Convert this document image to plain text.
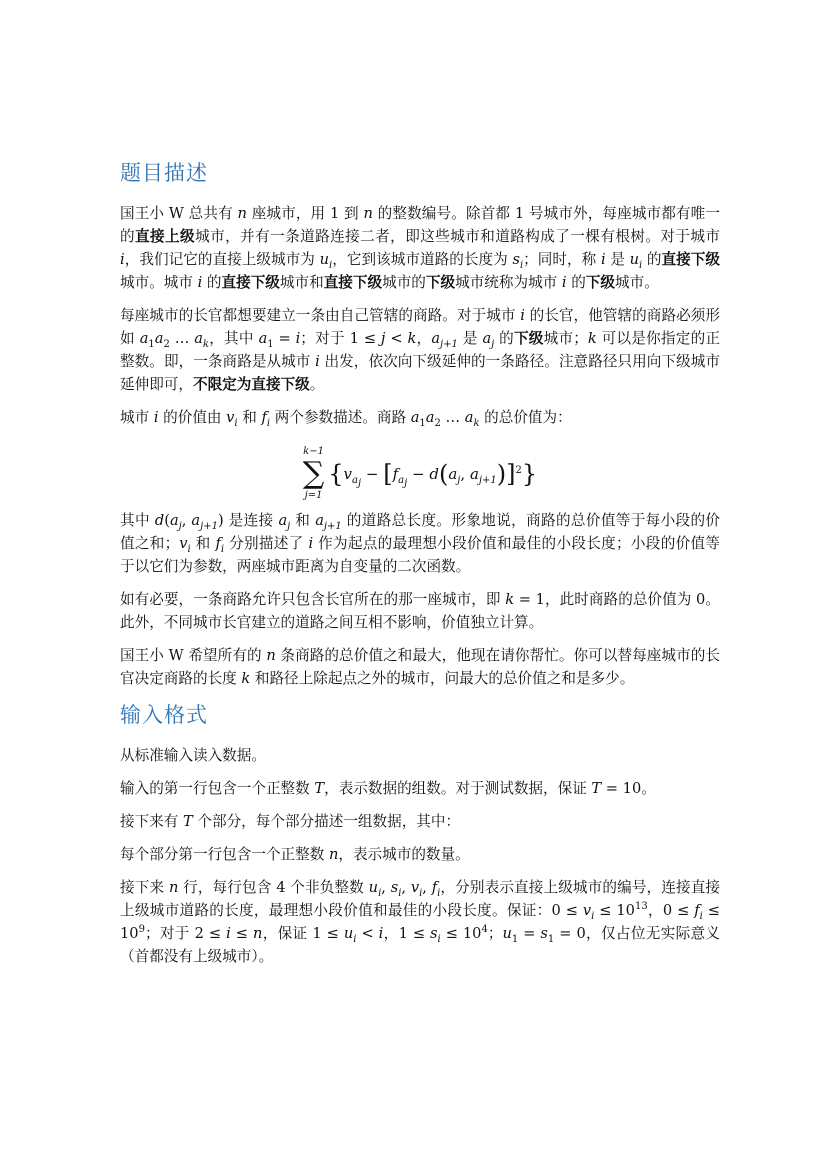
题目描述

国王小 W 总共有 n 座城市，用 1 到 n 的整数编号。除首都 1 号城市外，每座城市都有唯一的直接上级城市，并有一条道路连接二者，即这些城市和道路构成了一棵有根树。对于城市 i，我们记它的直接上级城市为 $u_i$，它到该城市道路的长度为 $s_i$；同时，称 i 是 $u_i$ 的直接下级城市。城市 i 的直接下级城市和直接下级城市的下级城市统称为城市 i 的下级城市。

每座城市的长官都想要建立一条由自己管辖的商路。对于城市 i 的长官，他管辖的商路必须形如 $a_1a_2$ … $a_k$，其中 $a_1 = i$；对于 1 ≤ j < k，$a_{j+1}$ 是 $a_j$ 的下级城市；k 可以是你指定的正整数。即，一条商路是从城市 i 出发，依次向下级延伸的一条路径。注意路径只用向下级城市延伸即可，不限定为直接下级。

城市 i 的价值由 $v_i$ 和 $f_i$ 两个参数描述。商路 $a_1a_2$ … $a_k$ 的总价值为：

k−1
∑
j=1
{$v_{a_j} - [f_{a_j} - d(a_j$, $a_{j+1})]^2$}

其中 $d(a_j$, $a_{j+1}$) 是连接 $a_j$ 和 $a_{j+1}$ 的道路总长度。形象地说，商路的总价值等于每小段的价值之和；$v_i$ 和 $f_i$ 分别描述了 i 作为起点的最理想小段价值和最佳的小段长度；小段的价值等于以它们为参数，两座城市距离为自变量的二次函数。

如有必要，一条商路允许只包含长官所在的那一座城市，即 k = 1，此时商路的总价值为 0。此外，不同城市长官建立的道路之间互相不影响，价值独立计算。

国王小 W 希望所有的 n 条商路的总价值之和最大，他现在请你帮忙。你可以替每座城市的长官决定商路的长度 k 和路径上除起点之外的城市，问最大的总价值之和是多少。

输入格式

从标准输入读入数据。

输入的第一行包含一个正整数 T，表示数据的组数。对于测试数据，保证 T = 10。

接下来有 T 个部分，每个部分描述一组数据，其中：

每个部分第一行包含一个正整数 n，表示城市的数量。

接下来 n 行，每行包含 4 个非负整数 $u_i$, $s_i$, $v_i$, $f_i$，分别表示直接上级城市的编号，连接直接上级城市道路的长度，最理想小段价值和最佳的小段长度。保证：$0 \le v_i \le 10^{13}$，$0 \le f_i \le 10^9$；对于 2 ≤ i ≤ n，保证 $1 \le u_i < i$，$1 \le s_i \le 10^4$；$u_1 = s_1 = 0$，仅占位无实际意义（首都没有上级城市）。
